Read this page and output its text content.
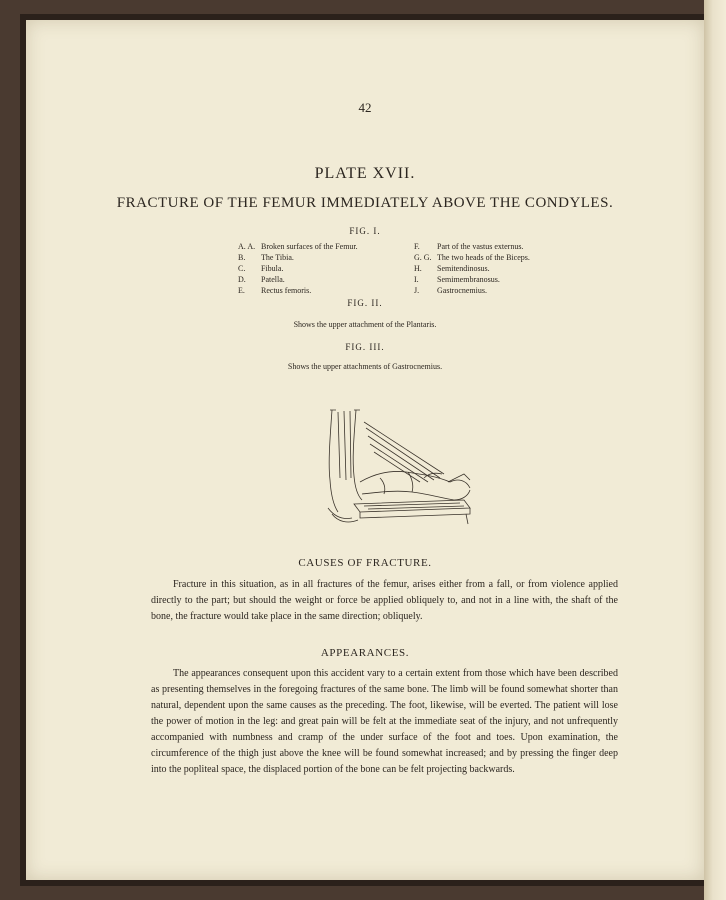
42
PLATE XVII.
FRACTURE OF THE FEMUR IMMEDIATELY ABOVE THE CONDYLES.
FIG. I.
A. A. Broken surfaces of the Femur.
B.	The Tibia.
C.	Fibula.
D.	Patella.
E.	Rectus femoris.
F.	Part of the vastus externus.
G. G. The two heads of the Biceps.
H.	Semitendinosus.
I.	Semimembranosus.
J.	Gastrocnemius.
FIG. II.
Shows the upper attachment of the Plantaris.
FIG. III.
Shows the upper attachments of Gastrocnemius.
CAUSES OF FRACTURE.

Fracture in this situation, as in all fractures of the femur, arises either from a fall, or from violence applied directly to the part; but should the weight or force be applied obliquely to, and not in a line with, the shaft of the bone, the fracture would take place in the same direction; obliquely.

APPEARANCES.

The appearances consequent upon this accident vary to a certain extent from those which have been described as presenting themselves in the foregoing fractures of the same bone. The limb will be found somewhat shorter than natural, dependent upon the same causes as the preceding. The foot, likewise, will be everted. The patient will lose the power of motion in the leg: and great pain will be felt at the immediate seat of the injury, and not unfrequently accompanied with numbness and cramp of the under surface of the foot and toes. Upon examination, the circumference of the thigh just above the knee will be found somewhat increased; and by pressing the finger deep into the popliteal space, the displaced portion of the bone can be felt projecting backwards.
